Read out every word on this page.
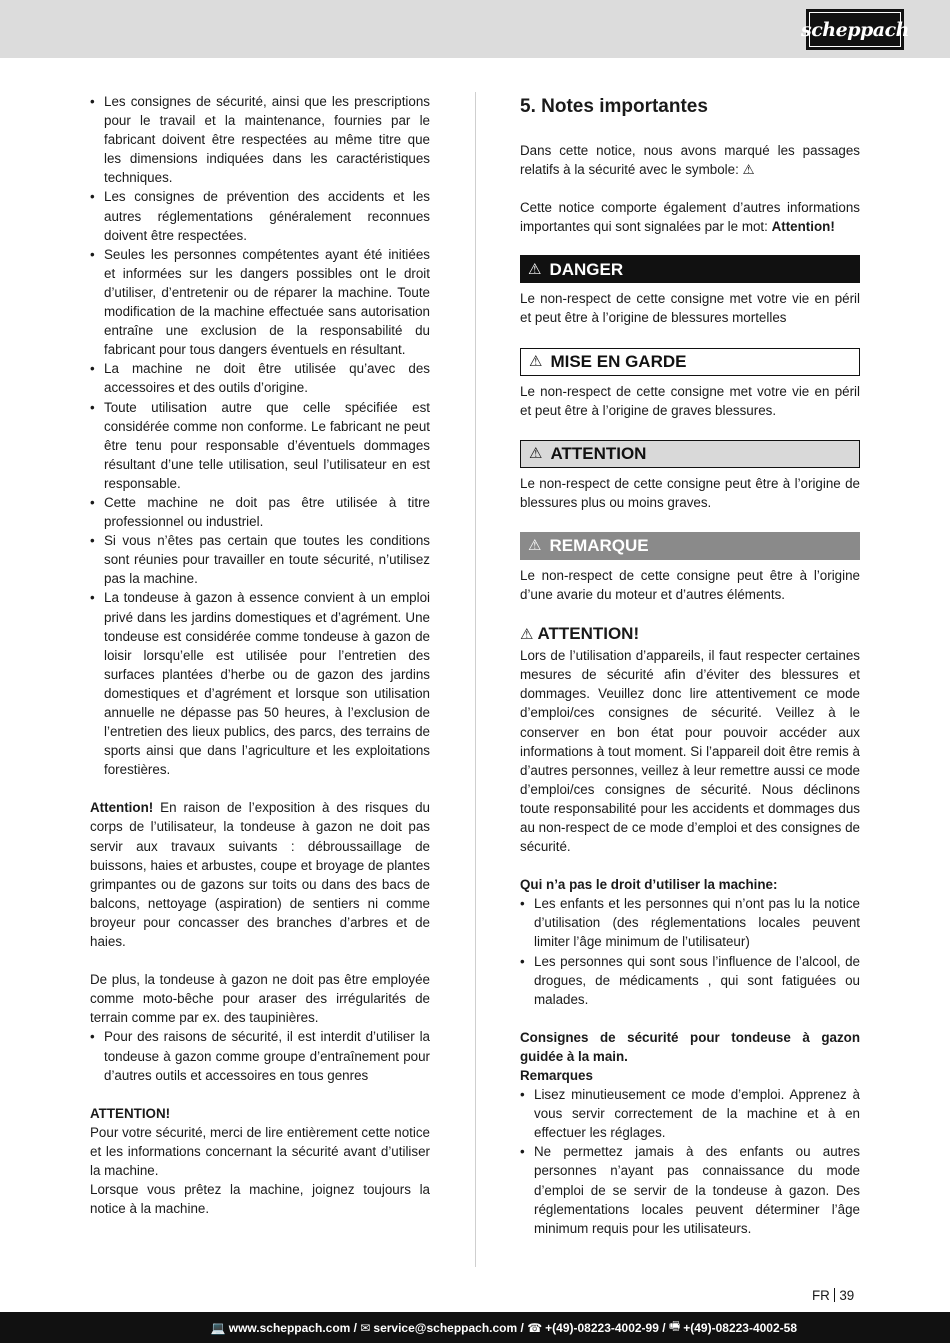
scheppach
• Les consignes de sécurité, ainsi que les prescriptions pour le travail et la maintenance, fournies par le fabricant doivent être respectées au même titre que les dimensions indiquées dans les caractéristiques techniques.
• Les consignes de prévention des accidents et les autres réglementations généralement reconnues doivent être respectées.
• Seules les personnes compétentes ayant été initiées et informées sur les dangers possibles ont le droit d’utiliser, d’entretenir ou de réparer la machine. Toute modification de la machine effectuée sans autorisation entraîne une exclusion de la responsabilité du fabricant pour tous dangers éventuels en résultant.
• La machine ne doit être utilisée qu’avec des accessoires et des outils d’origine.
• Toute utilisation autre que celle spécifiée est considérée comme non conforme. Le fabricant ne peut être tenu pour responsable d’éventuels dommages résultant d’une telle utilisation, seul l’utilisateur en est responsable.
• Cette machine ne doit pas être utilisée à titre professionnel ou industriel.
• Si vous n’êtes pas certain que toutes les conditions sont réunies pour travailler en toute sécurité, n’utilisez pas la machine.
• La tondeuse à gazon à essence convient à un emploi privé dans les jardins domestiques et d’agrément. Une tondeuse est considérée comme tondeuse à gazon de loisir lorsqu’elle est utilisée pour l’entretien des surfaces plantées d’herbe ou de gazon des jardins domestiques et d’agrément et lorsque son utilisation annuelle ne dépasse pas 50 heures, à l’exclusion de l’entretien des lieux publics, des parcs, des terrains de sports ainsi que dans l’agriculture et les exploitations forestières.

Attention! En raison de l’exposition à des risques du corps de l’utilisateur, la tondeuse à gazon ne doit pas servir aux travaux suivants : débroussaillage de buissons, haies et arbustes, coupe et broyage de plantes grimpantes ou de gazons sur toits ou dans des bacs de balcons, nettoyage (aspiration) de sentiers ni comme broyeur pour concasser des branches d’arbres et de haies.

De plus, la tondeuse à gazon ne doit pas être employée comme moto-bêche pour araser des irrégularités de terrain comme par ex. des taupinières.

• Pour des raisons de sécurité, il est interdit d’utiliser la tondeuse à gazon comme groupe d’entraînement pour d’autres outils et accessoires en tous genres

ATTENTION!

Pour votre sécurité, merci de lire entièrement cette notice et les informations concernant la sécurité avant d’utiliser la machine.

Lorsque vous prêtez la machine, joignez toujours la notice à la machine.

5. Notes importantes

Dans cette notice, nous avons marqué les passages relatifs à la sécurité avec le symbole: ⚠

Cette notice comporte également d’autres informations importantes qui sont signalées par le mot: Attention!

⚠ DANGER

Le non-respect de cette consigne met votre vie en péril et peut être à l’origine de blessures mortelles

⚠ MISE EN GARDE

Le non-respect de cette consigne met votre vie en péril et peut être à l’origine de graves blessures.

⚠ ATTENTION

Le non-respect de cette consigne peut être à l’origine de blessures plus ou moins graves.

⚠ REMARQUE

Le non-respect de cette consigne peut être à l’origine d’une avarie du moteur et d’autres éléments.

⚠ ATTENTION!

Lors de l’utilisation d’appareils, il faut respecter certaines mesures de sécurité afin d’éviter des blessures et dommages. Veuillez donc lire attentivement ce mode d’emploi/ces consignes de sécurité. Veillez à le conserver en bon état pour pouvoir accéder aux informations à tout moment. Si l’appareil doit être remis à d’autres personnes, veillez à leur remettre aussi ce mode d’emploi/ces consignes de sécurité. Nous déclinons toute responsabilité pour les accidents et dommages dus au non-respect de ce mode d’emploi et des consignes de sécurité.

Qui n’a pas le droit d’utiliser la machine:

• Les enfants et les personnes qui n’ont pas lu la notice d’utilisation (des réglementations locales peuvent limiter l’âge minimum de l’utilisateur)
• Les personnes qui sont sous l’influence de l’alcool, de drogues, de médicaments , qui sont fatiguées ou malades.

Consignes de sécurité pour tondeuse à gazon guidée à la main.

Remarques

• Lisez minutieusement ce mode d’emploi. Apprenez à vous servir correctement de la machine et à en effectuer les réglages.
• Ne permettez jamais à des enfants ou autres personnes n’ayant pas connaissance du mode d’emploi de se servir de la tondeuse à gazon. Des réglementations locales peuvent déterminer l’âge minimum requis pour les utilisateurs.
FR 39
💻 www.scheppach.com /
✉ service@scheppach.com /
☎ +(49)-08223-4002-99 /
🖷 +(49)-08223-4002-58
